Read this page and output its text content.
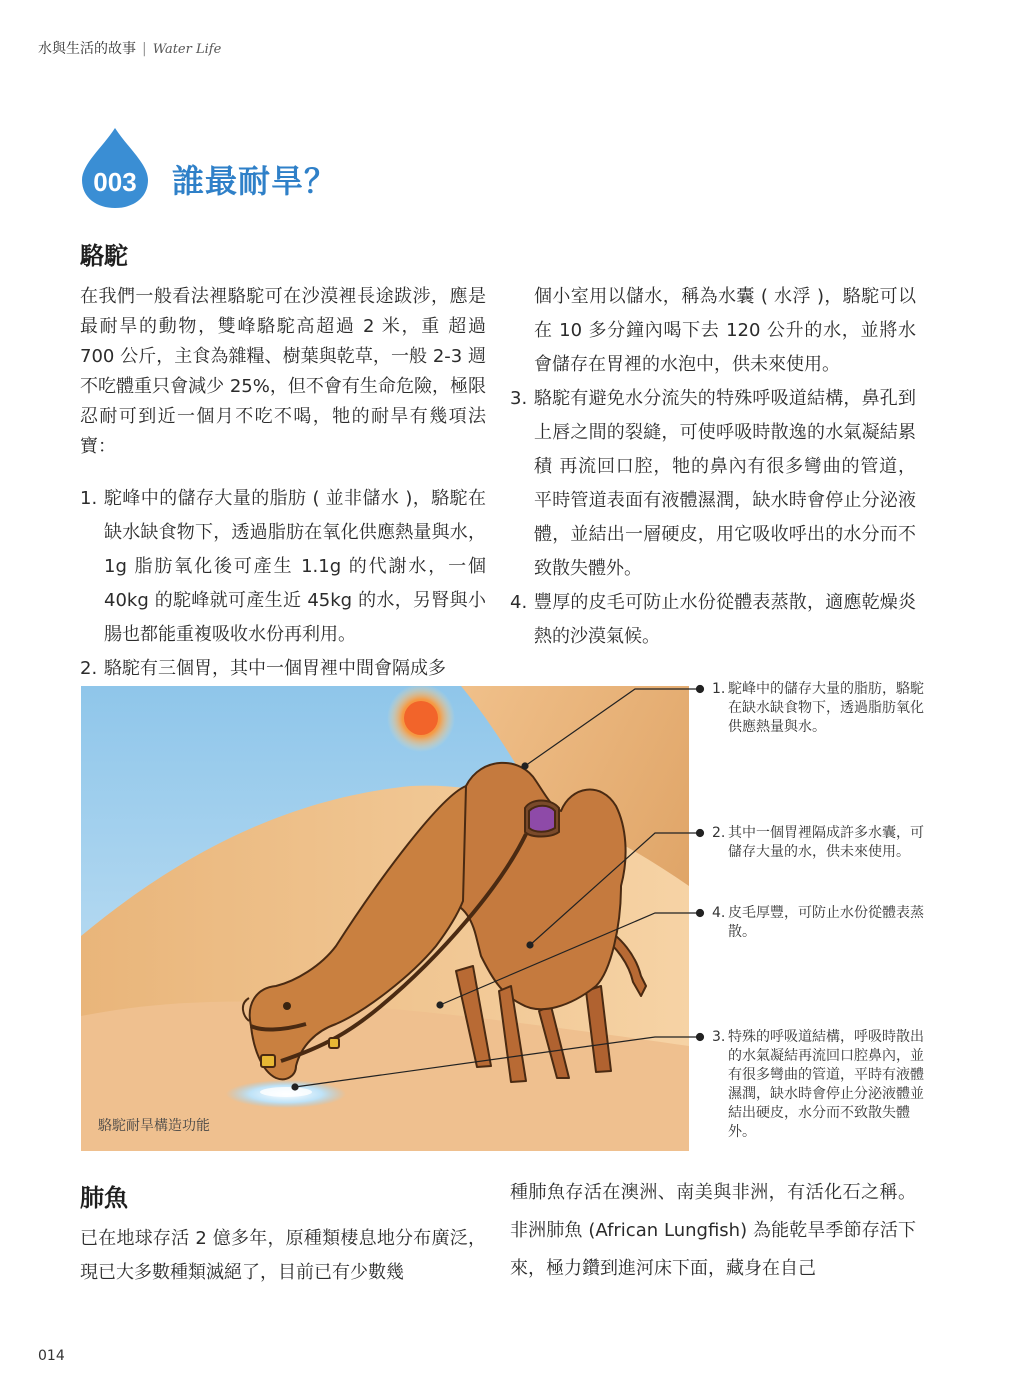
水與生活的故事 | Water Life
003 誰最耐旱？
駱駝

在我們一般看法裡駱駝可在沙漠裡長途跋涉，應是最耐旱的動物，雙峰駱駝高超過 2 米，重 超過 700 公斤，主食為雜糧、樹葉與乾草，一般 2-3 週不吃體重只會減少 25%，但不會有生命危險，極限忍耐可到近一個月不吃不喝，牠的耐旱有幾項法寶：

1. 駝峰中的儲存大量的脂肪 ( 並非儲水 )，駱駝在缺水缺食物下，透過脂肪在氧化供應熱量與水，1g 脂肪氧化後可產生 1.1g 的代謝水，一個 40kg 的駝峰就可產生近 45kg 的水，另腎與小腸也都能重複吸收水份再利用。
2. 駱駝有三個胃，其中一個胃裡中間會隔成多
個小室用以儲水，稱為水囊 ( 水浮 )，駱駝可以在 10 多分鐘內喝下去 120 公升的水，並將水會儲存在胃裡的水泡中，供未來使用。
3. 駱駝有避免水分流失的特殊呼吸道結構，鼻孔到上唇之間的裂縫，可使呼吸時散逸的水氣凝結累積 再流回口腔，牠的鼻內有很多彎曲的管道，平時管道表面有液體濕潤，缺水時會停止分泌液體，並結出一層硬皮，用它吸收呼出的水分而不致散失體外。
4. 豐厚的皮毛可防止水份從體表蒸散，適應乾燥炎熱的沙漠氣候。
駱駝耐旱構造功能
1. 駝峰中的儲存大量的脂肪，駱駝在缺水缺食物下，透過脂肪氧化供應熱量與水。
2. 其中一個胃裡隔成許多水囊，可儲存大量的水，供未來使用。
4. 皮毛厚豐，可防止水份從體表蒸散。
3. 特殊的呼吸道結構，呼吸時散出的水氣凝結再流回口腔鼻內，並有很多彎曲的管道，平時有液體濕潤，缺水時會停止分泌液體並結出硬皮，水分而不致散失體外。
肺魚

已在地球存活 2 億多年，原種類棲息地分布廣泛，現已大多數種類滅絕了，目前已有少數幾

種肺魚存活在澳洲、南美與非洲，有活化石之稱。非洲肺魚 (African Lungfish) 為能乾旱季節存活下來，極力鑽到進河床下面，藏身在自己

014
